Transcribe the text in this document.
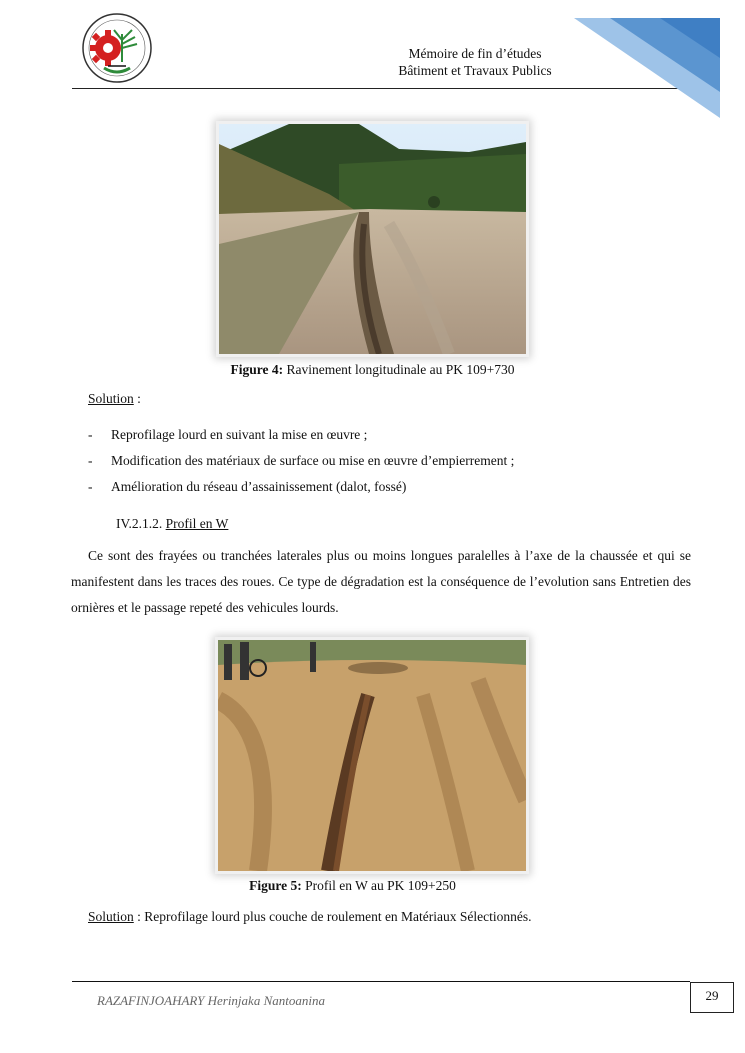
Mémoire de fin d’études
Bâtiment et Travaux Publics
Figure 4: Ravinement longitudinale au PK 109+730
Solution :
- Reprofilage lourd en suivant la mise en œuvre ;
- Modification des matériaux de surface ou mise en œuvre d’empierrement ;
- Amélioration du réseau d’assainissement (dalot, fossé)
IV.2.1.2. Profil en W
Ce sont des frayées ou tranchées laterales plus ou moins longues paralelles à l’axe de la chaussée et qui se manifestent dans les traces des roues. Ce type de dégradation est la conséquence de l’evolution sans Entretien des ornières et le passage repeté des vehicules lourds.
Figure 5: Profil en W au PK 109+250
Solution : Reprofilage lourd plus couche de roulement en Matériaux Sélectionnés.
RAZAFINJOAHARY Herinjaka Nantoanina	29
